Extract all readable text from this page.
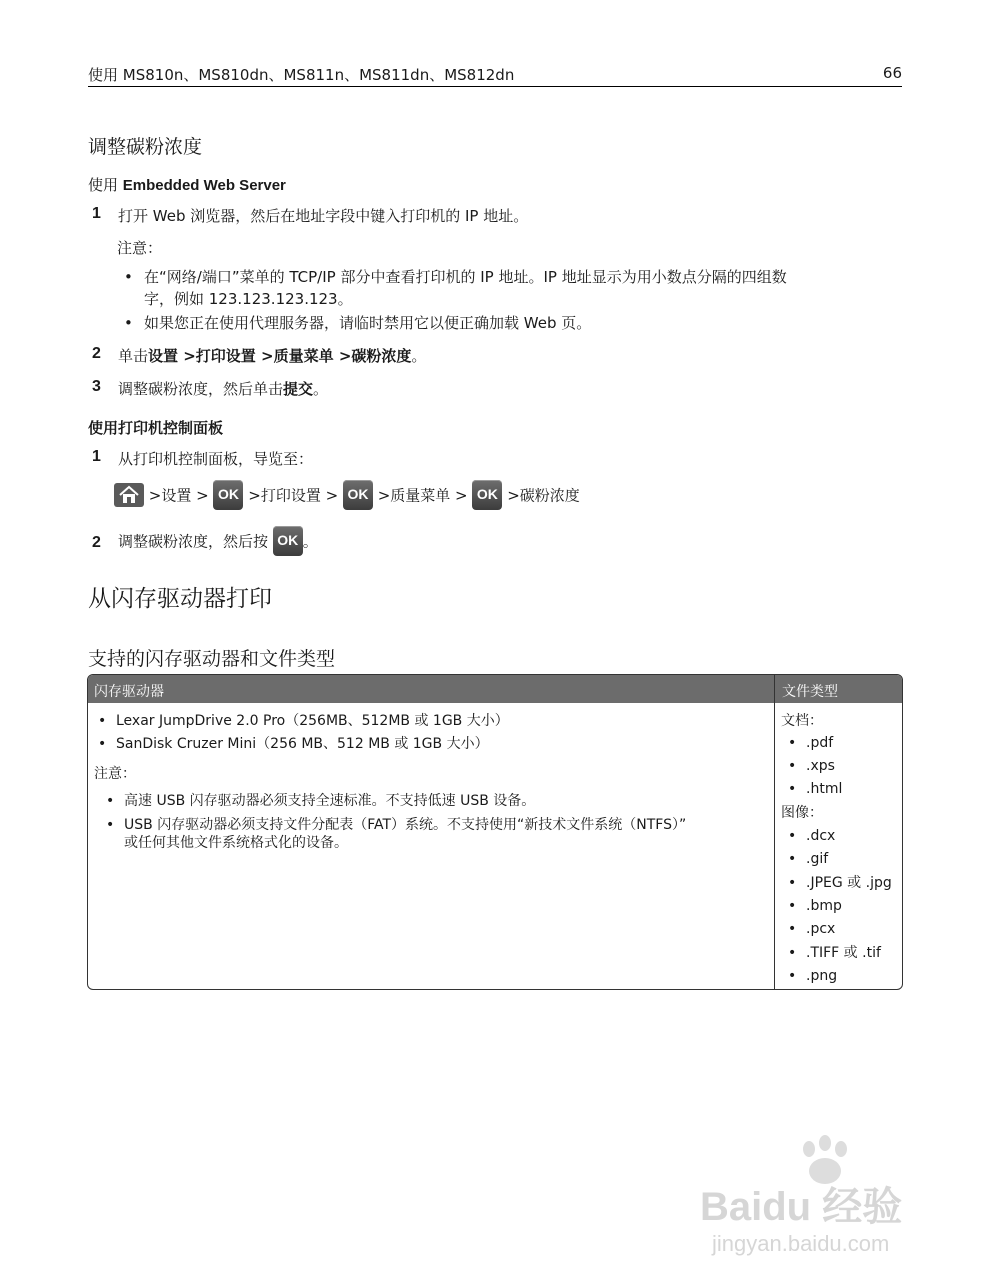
使用 MS810n、MS810dn、MS811n、MS811dn、MS812dn	66
调整碳粉浓度
使用 Embedded Web Server
1 打开 Web 浏览器，然后在地址字段中键入打印机的 IP 地址。
注意：
• 在“网络/端口”菜单的 TCP/IP 部分中查看打印机的 IP 地址。IP 地址显示为用小数点分隔的四组数
字，例如 123.123.123.123。
• 如果您正在使用代理服务器，请临时禁用它以便正确加载 Web 页。
2 单击设置 >打印设置 >质量菜单 >碳粉浓度。
3 调整碳粉浓度，然后单击提交。
使用打印机控制面板
1 从打印机控制面板，导览至：
>设置 > OK >打印设置 > OK >质量菜单 > OK >碳粉浓度
2 调整碳粉浓度，然后按 OK 。
从闪存驱动器打印
支持的闪存驱动器和文件类型
闪存驱动器	文件类型
• Lexar JumpDrive 2.0 Pro（256MB、512MB 或 1GB 大小）
• SanDisk Cruzer Mini（256 MB、512 MB 或 1GB 大小）
注意：
• 高速 USB 闪存驱动器必须支持全速标准。不支持低速 USB 设备。
• USB 闪存驱动器必须支持文件分配表（FAT）系统。不支持使用“新技术文件系统（NTFS）”
或任何其他文件系统格式化的设备。
文档：
• .pdf
• .xps
• .html
图像：
• .dcx
• .gif
• .JPEG 或 .jpg
• .bmp
• .pcx
• .TIFF 或 .tif
• .png
Baidu 经验
jingyan.baidu.com
